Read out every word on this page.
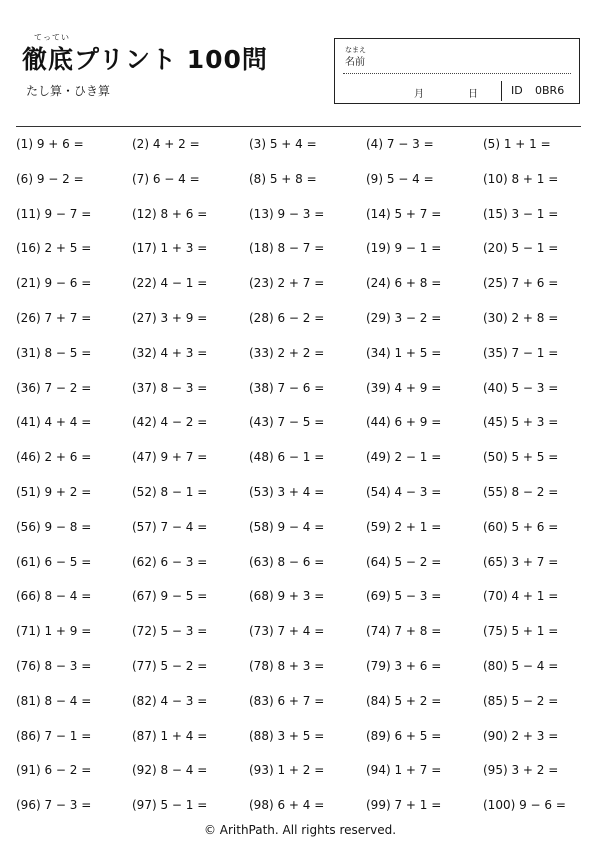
てってい
徹底プリント 100問
たし算・ひき算
なまえ
名前
月	日	ID 0BR6
(1) 9 + 6 =	(2) 4 + 2 =	(3) 5 + 4 =	(4) 7 − 3 =	(5) 1 + 1 =
(6) 9 − 2 =	(7) 6 − 4 =	(8) 5 + 8 =	(9) 5 − 4 =	(10) 8 + 1 =
(11) 9 − 7 =	(12) 8 + 6 =	(13) 9 − 3 =	(14) 5 + 7 =	(15) 3 − 1 =
(16) 2 + 5 =	(17) 1 + 3 =	(18) 8 − 7 =	(19) 9 − 1 =	(20) 5 − 1 =
(21) 9 − 6 =	(22) 4 − 1 =	(23) 2 + 7 =	(24) 6 + 8 =	(25) 7 + 6 =
(26) 7 + 7 =	(27) 3 + 9 =	(28) 6 − 2 =	(29) 3 − 2 =	(30) 2 + 8 =
(31) 8 − 5 =	(32) 4 + 3 =	(33) 2 + 2 =	(34) 1 + 5 =	(35) 7 − 1 =
(36) 7 − 2 =	(37) 8 − 3 =	(38) 7 − 6 =	(39) 4 + 9 =	(40) 5 − 3 =
(41) 4 + 4 =	(42) 4 − 2 =	(43) 7 − 5 =	(44) 6 + 9 =	(45) 5 + 3 =
(46) 2 + 6 =	(47) 9 + 7 =	(48) 6 − 1 =	(49) 2 − 1 =	(50) 5 + 5 =
(51) 9 + 2 =	(52) 8 − 1 =	(53) 3 + 4 =	(54) 4 − 3 =	(55) 8 − 2 =
(56) 9 − 8 =	(57) 7 − 4 =	(58) 9 − 4 =	(59) 2 + 1 =	(60) 5 + 6 =
(61) 6 − 5 =	(62) 6 − 3 =	(63) 8 − 6 =	(64) 5 − 2 =	(65) 3 + 7 =
(66) 8 − 4 =	(67) 9 − 5 =	(68) 9 + 3 =	(69) 5 − 3 =	(70) 4 + 1 =
(71) 1 + 9 =	(72) 5 − 3 =	(73) 7 + 4 =	(74) 7 + 8 =	(75) 5 + 1 =
(76) 8 − 3 =	(77) 5 − 2 =	(78) 8 + 3 =	(79) 3 + 6 =	(80) 5 − 4 =
(81) 8 − 4 =	(82) 4 − 3 =	(83) 6 + 7 =	(84) 5 + 2 =	(85) 5 − 2 =
(86) 7 − 1 =	(87) 1 + 4 =	(88) 3 + 5 =	(89) 6 + 5 =	(90) 2 + 3 =
(91) 6 − 2 =	(92) 8 − 4 =	(93) 1 + 2 =	(94) 1 + 7 =	(95) 3 + 2 =
(96) 7 − 3 =	(97) 5 − 1 =	(98) 6 + 4 =	(99) 7 + 1 =	(100) 9 − 6 =
© ArithPath. All rights reserved.
